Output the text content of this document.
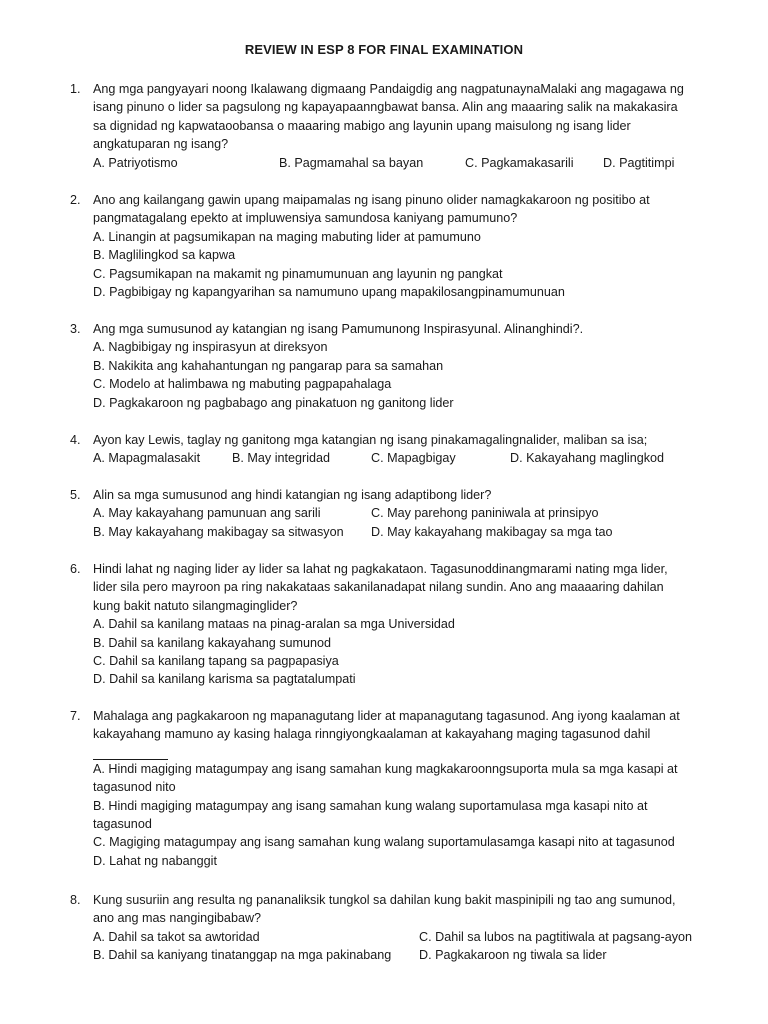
REVIEW IN ESP 8 FOR FINAL EXAMINATION
1. Ang mga pangyayari noong Ikalawang digmaang Pandaigdig ang nagpatunaynaMalaki ang magagawa ng
isang pinuno o lider sa pagsulong ng kapayapaanngbawat bansa. Alin ang maaaring salik na makakasira
sa dignidad ng kapwataoobansa o maaaring mabigo ang layunin upang maisulong ng isang lider
angkatuparan ng isang?
A. Patriyotismo	B. Pagmamahal sa bayan	C. Pagkamakasarili D. Pagtitimpi
2. Ano ang kailangang gawin upang maipamalas ng isang pinuno olider namagkakaroon ng positibo at
pangmatagalang epekto at impluwensiya samundosa kaniyang pamumuno?
A. Linangin at pagsumikapan na maging mabuting lider at pamumuno
B. Maglilingkod sa kapwa
C. Pagsumikapan na makamit ng pinamumunuan ang layunin ng pangkat
D. Pagbibigay ng kapangyarihan sa namumuno upang mapakilosangpinamumunuan
3. Ang mga sumusunod ay katangian ng isang Pamumunong Inspirasyunal. Alinanghindi?.
A. Nagbibigay ng inspirasyun at direksyon
B. Nakikita ang kahahantungan ng pangarap para sa samahan
C. Modelo at halimbawa ng mabuting pagpapahalaga
D. Pagkakaroon ng pagbabago ang pinakatuon ng ganitong lider
4. Ayon kay Lewis, taglay ng ganitong mga katangian ng isang pinakamagalingnalider, maliban sa isa;
A. Mapagmalasakit	B. May integridad	C. Mapagbigay	D. Kakayahang maglingkod
5. Alin sa mga sumusunod ang hindi katangian ng isang adaptibong lider?
A. May kakayahang pamunuan ang sarili	C. May parehong paniniwala at prinsipyo
B. May kakayahang makibagay sa sitwasyon D. May kakayahang makibagay sa mga tao
6. Hindi lahat ng naging lider ay lider sa lahat ng pagkakataon. Tagasunoddinangmarami nating mga lider,
lider sila pero mayroon pa ring nakakataas sakanilanadapat nilang sundin. Ano ang maaaaring dahilan
kung bakit natuto silangmaginglider?
A. Dahil sa kanilang mataas na pinag-aralan sa mga Universidad
B. Dahil sa kanilang kakayahang sumunod
C. Dahil sa kanilang tapang sa pagpapasiya
D. Dahil sa kanilang karisma sa pagtatalumpati
7. Mahalaga ang pagkakaroon ng mapanagutang lider at mapanagutang tagasunod. Ang iyong kaalaman at
kakayahang mamuno ay kasing halaga rinngiyongkaalaman at kakayahang maging tagasunod dahil
A. Hindi magiging matagumpay ang isang samahan kung magkakaroonngsuporta mula sa mga kasapi at
tagasunod nito
B. Hindi magiging matagumpay ang isang samahan kung walang suportamulasa mga kasapi nito at
tagasunod
C. Magiging matagumpay ang isang samahan kung walang suportamulasamga kasapi nito at tagasunod
D. Lahat ng nabanggit
8. Kung susuriin ang resulta ng pananaliksik tungkol sa dahilan kung bakit maspinipili ng tao ang sumunod,
ano ang mas nangingibabaw?
A. Dahil sa takot sa awtoridad	C. Dahil sa lubos na pagtitiwala at pagsang-ayon
B. Dahil sa kaniyang tinatanggap na mga pakinabang D. Pagkakaroon ng tiwala sa lider
